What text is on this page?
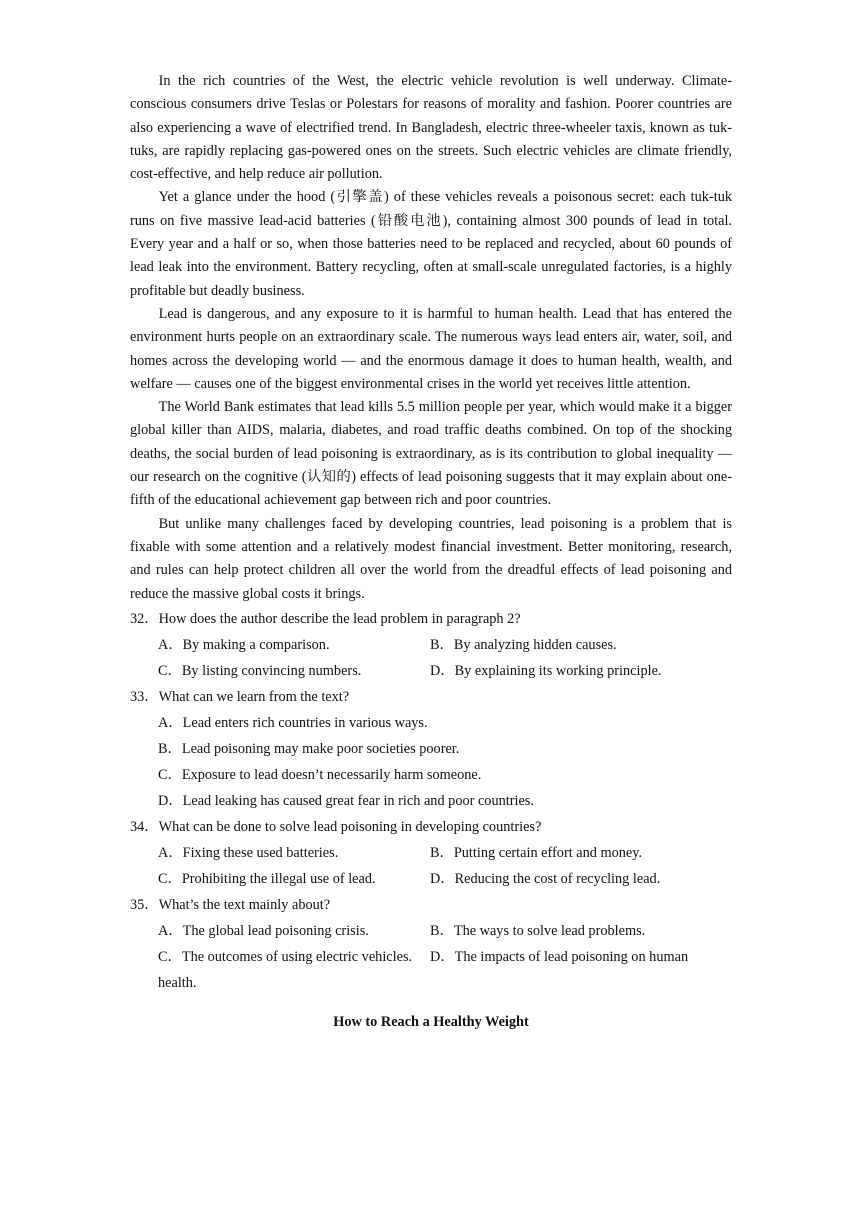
In the rich countries of the West, the electric vehicle revolution is well underway. Climate-conscious consumers drive Teslas or Polestars for reasons of morality and fashion. Poorer countries are also experiencing a wave of electrified trend. In Bangladesh, electric three-wheeler taxis, known as tuk-tuks, are rapidly replacing gas-powered ones on the streets. Such electric vehicles are climate friendly, cost-effective, and help reduce air pollution.

Yet a glance under the hood (引擎盖) of these vehicles reveals a poisonous secret: each tuk-tuk runs on five massive lead-acid batteries (铅酸电池), containing almost 300 pounds of lead in total. Every year and a half or so, when those batteries need to be replaced and recycled, about 60 pounds of lead leak into the environment. Battery recycling, often at small-scale unregulated factories, is a highly profitable but deadly business.

Lead is dangerous, and any exposure to it is harmful to human health. Lead that has entered the environment hurts people on an extraordinary scale. The numerous ways lead enters air, water, soil, and homes across the developing world — and the enormous damage it does to human health, wealth, and welfare — causes one of the biggest environmental crises in the world yet receives little attention.

The World Bank estimates that lead kills 5.5 million people per year, which would make it a bigger global killer than AIDS, malaria, diabetes, and road traffic deaths combined. On top of the shocking deaths, the social burden of lead poisoning is extraordinary, as is its contribution to global inequality — our research on the cognitive (认知的) effects of lead poisoning suggests that it may explain about one-fifth of the educational achievement gap between rich and poor countries.

But unlike many challenges faced by developing countries, lead poisoning is a problem that is fixable with some attention and a relatively modest financial investment. Better monitoring, research, and rules can help protect children all over the world from the dreadful effects of lead poisoning and reduce the massive global costs it brings.

32．How does the author describe the lead problem in paragraph 2?

A．By making a comparison.	B．By analyzing hidden causes.
C．By listing convincing numbers.	D．By explaining its working principle.

33．What can we learn from the text?

A．Lead enters rich countries in various ways.

B．Lead poisoning may make poor societies poorer.

C．Exposure to lead doesn’t necessarily harm someone.

D．Lead leaking has caused great fear in rich and poor countries.

34．What can be done to solve lead poisoning in developing countries?

A．Fixing these used batteries.	B．Putting certain effort and money.
C．Prohibiting the illegal use of lead.	D．Reducing the cost of recycling lead.

35．What’s the text mainly about?

A．The global lead poisoning crisis.	B．The ways to solve lead problems.
C．The outcomes of using electric vehicles.	D．The impacts of lead poisoning on human

health.

How to Reach a Healthy Weight
